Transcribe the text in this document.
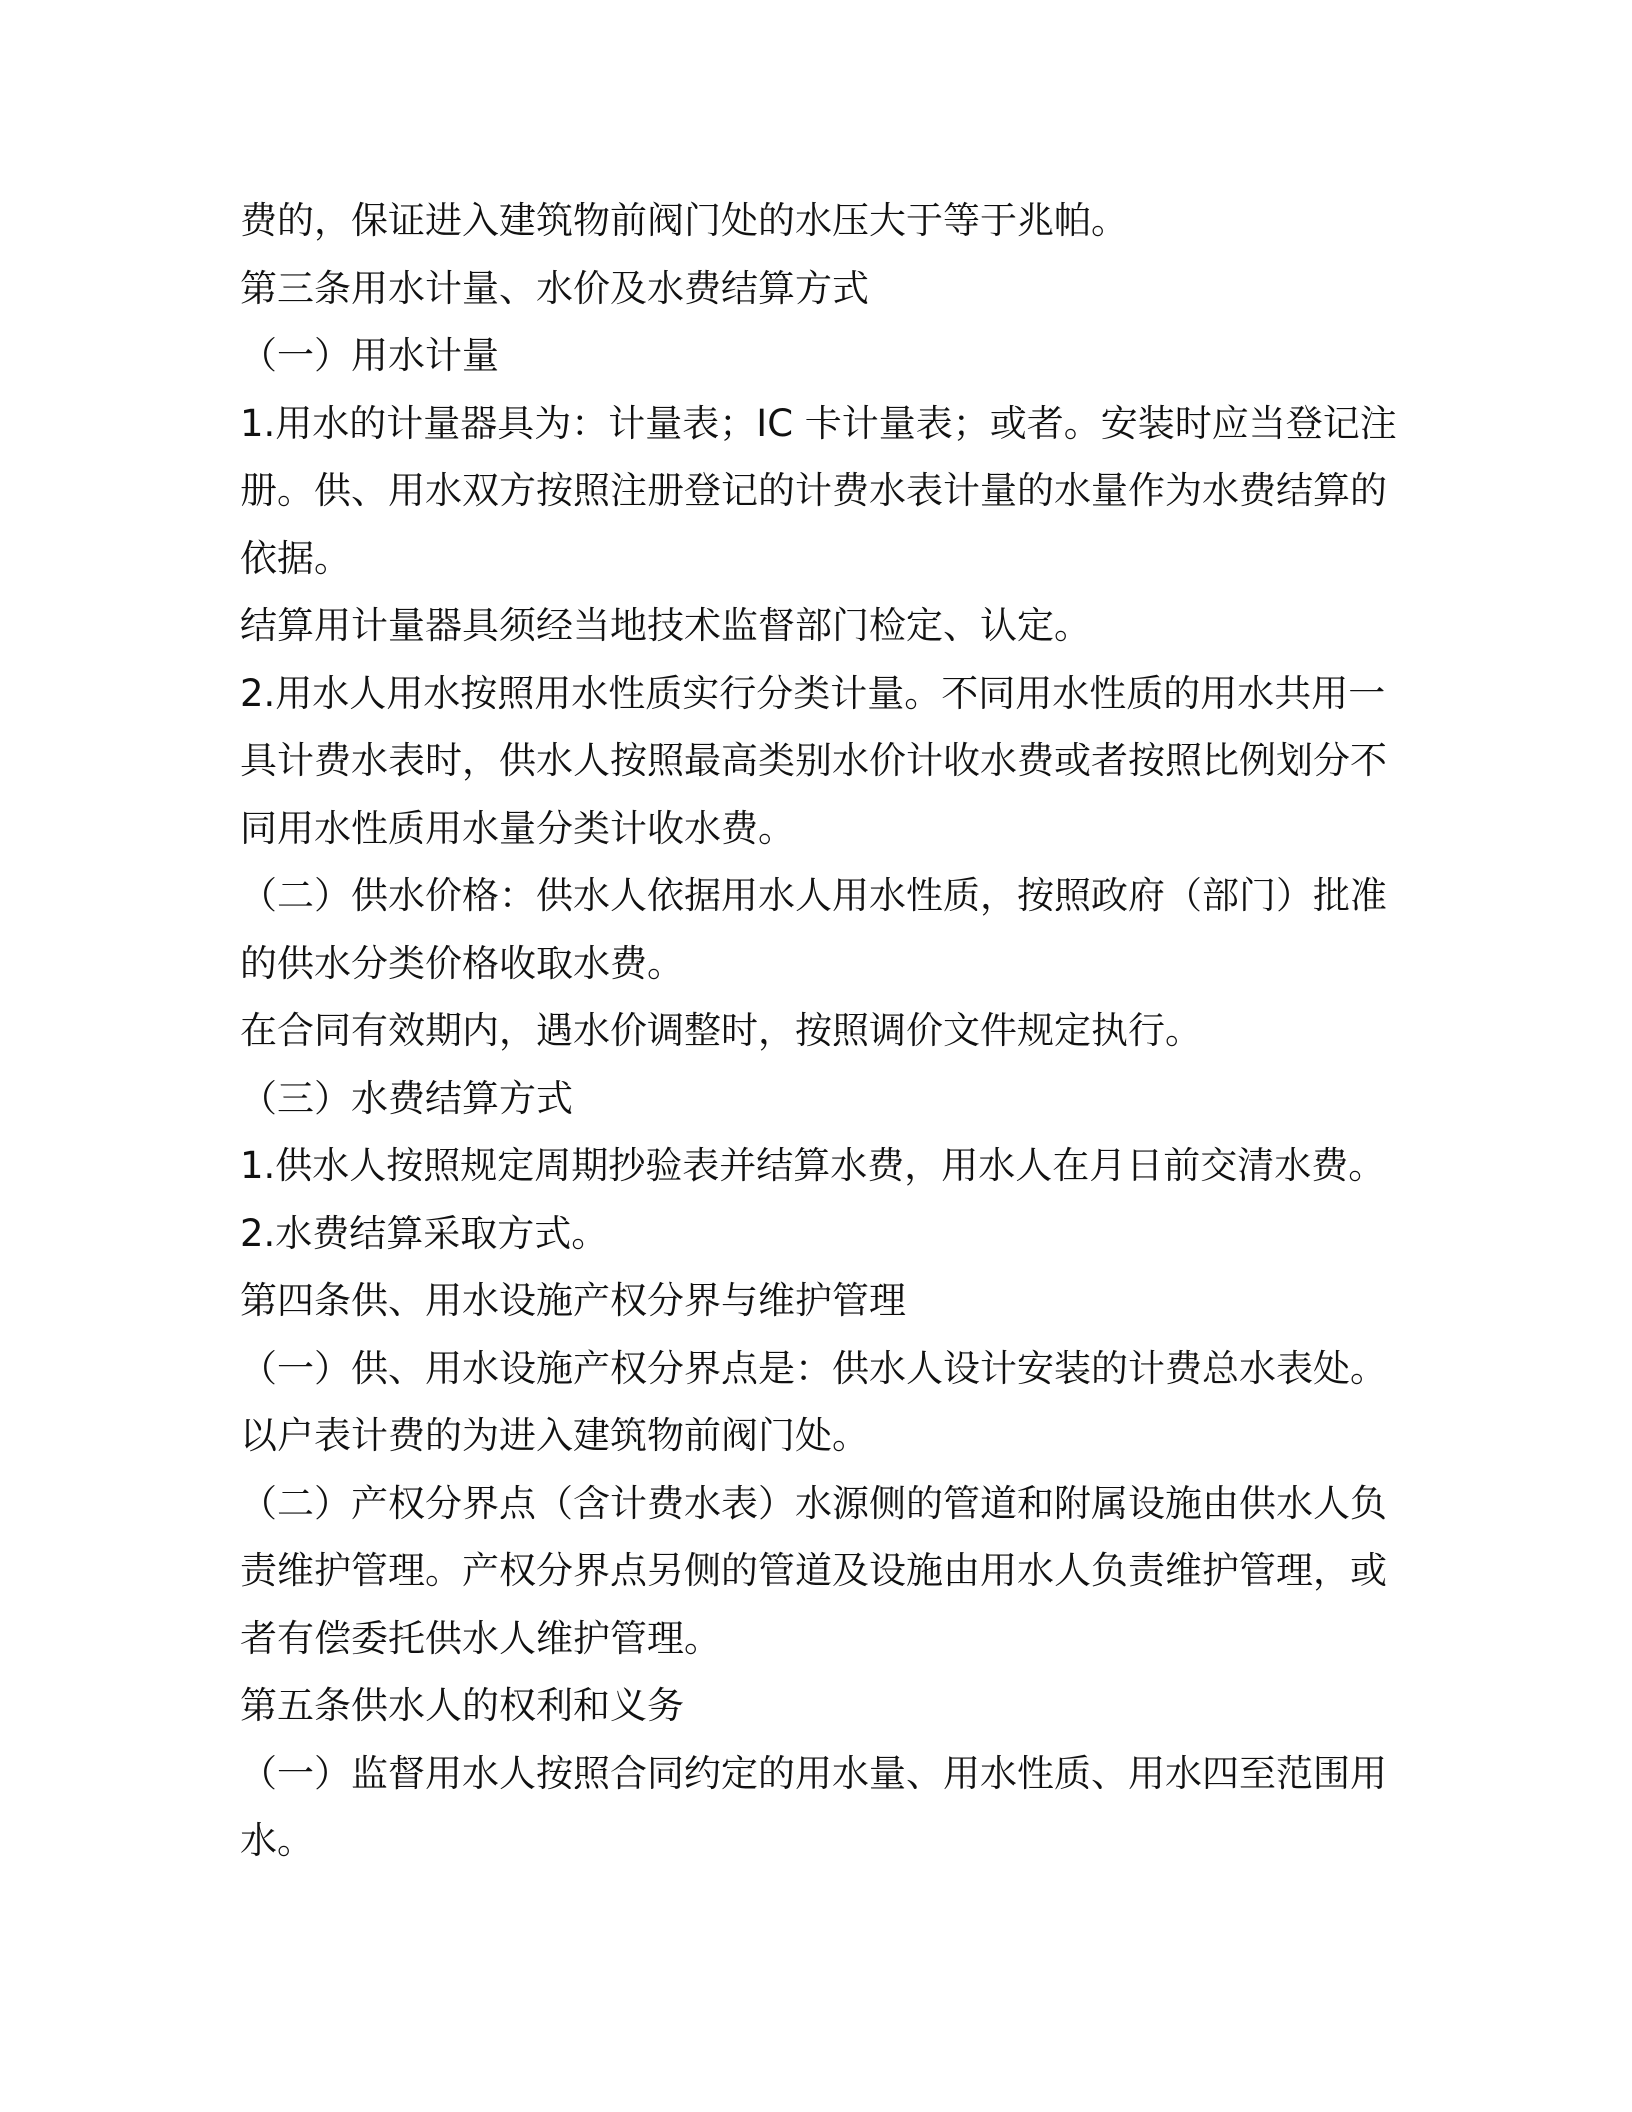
费的，保证进入建筑物前阀门处的水压大于等于兆帕。
第三条用水计量、水价及水费结算方式
（一）用水计量
1.用水的计量器具为：计量表；IC 卡计量表；或者。安装时应当登记注
册。供、用水双方按照注册登记的计费水表计量的水量作为水费结算的
依据。
结算用计量器具须经当地技术监督部门检定、认定。
2.用水人用水按照用水性质实行分类计量。不同用水性质的用水共用一
具计费水表时，供水人按照最高类别水价计收水费或者按照比例划分不
同用水性质用水量分类计收水费。
（二）供水价格：供水人依据用水人用水性质，按照政府（部门）批准
的供水分类价格收取水费。
在合同有效期内，遇水价调整时，按照调价文件规定执行。
（三）水费结算方式
1.供水人按照规定周期抄验表并结算水费，用水人在月日前交清水费。
2.水费结算采取方式。
第四条供、用水设施产权分界与维护管理
（一）供、用水设施产权分界点是：供水人设计安装的计费总水表处。
以户表计费的为进入建筑物前阀门处。
（二）产权分界点（含计费水表）水源侧的管道和附属设施由供水人负
责维护管理。产权分界点另侧的管道及设施由用水人负责维护管理，或
者有偿委托供水人维护管理。
第五条供水人的权利和义务
（一）监督用水人按照合同约定的用水量、用水性质、用水四至范围用
水。
